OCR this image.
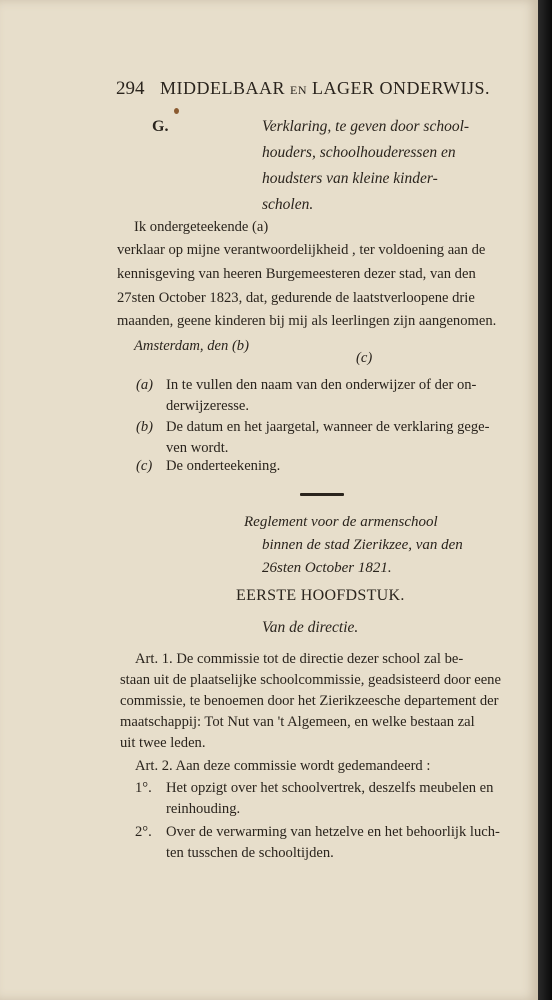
294 MIDDELBAAR EN LAGER ONDERWIJS.
G.	Verklaring, te geven door school-
houders, schoolhouderessen en
houdsters van kleine kinder-
scholen.
Ik ondergeteekende (a)
verklaar op mijne verantwoordelijkheid , ter voldoening aan de
kennisgeving van heeren Burgemeesteren dezer stad, van den
27sten October 1823, dat, gedurende de laatstverloopene drie
maanden, geene kinderen bij mij als leerlingen zijn aangenomen.
Amsterdam, den (b)
(c)
(a) In te vullen den naam van den onderwijzer of der on-
derwijzeresse.
(b) De datum en het jaargetal, wanneer de verklaring gege-
ven wordt.
(c) De onderteekening.
Reglement voor de armenschool
binnen de stad Zierikzee, van den
26sten October 1821.
EERSTE HOOFDSTUK.
Van de directie.
Art. 1. De commissie tot de directie dezer school zal be-
staan uit de plaatselijke schoolcommissie, geadsisteerd door eene
commissie, te benoemen door het Zierikzeesche departement der
maatschappij: Tot Nut van 't Algemeen, en welke bestaan zal
uit twee leden.
Art. 2. Aan deze commissie wordt gedemandeerd :
1°. Het opzigt over het schoolvertrek, deszelfs meubelen en
reinhouding.
2°. Over de verwarming van hetzelve en het behoorlijk luch-
ten tusschen de schooltijden.
